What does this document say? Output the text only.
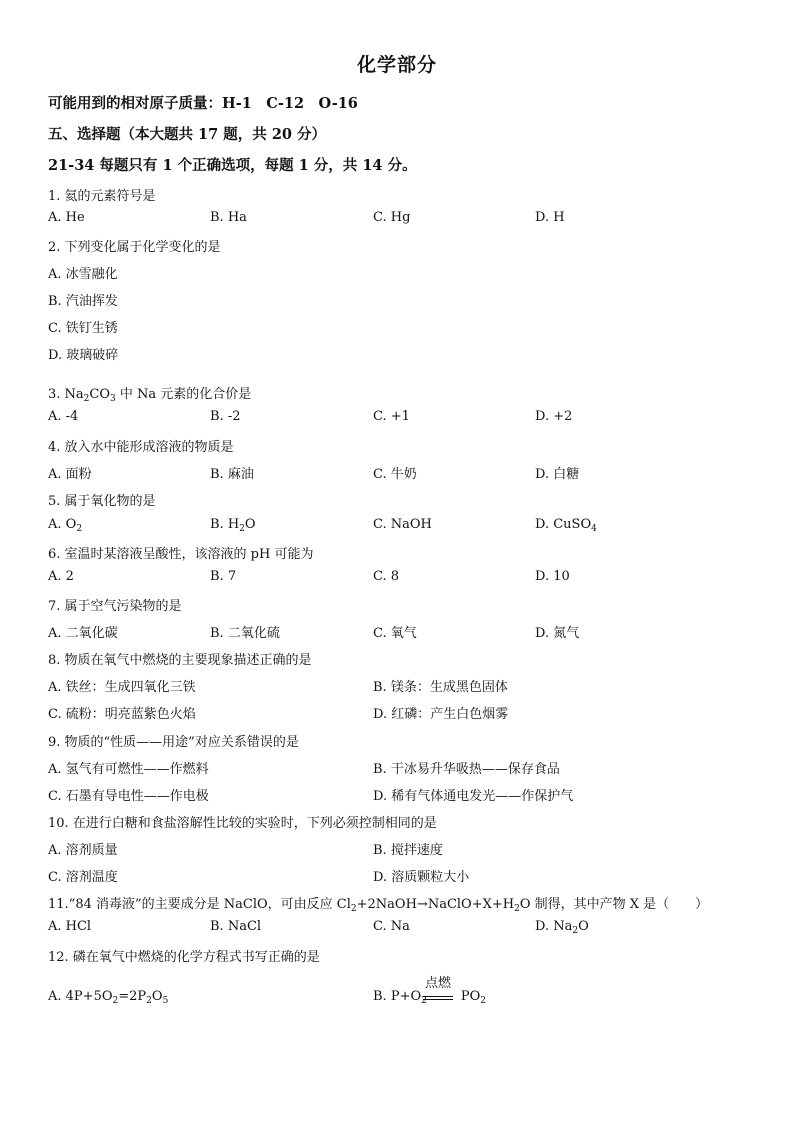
化学部分
可能用到的相对原子质量：H-1　C-12　O-16
五、选择题（本大题共 17 题，共 20 分）
21-34 每题只有 1 个正确选项，每题 1 分，共 14 分。
1. 氦的元素符号是
A. He	B. Ha	C. Hg	D. H
2. 下列变化属于化学变化的是
A. 冰雪融化
B. 汽油挥发
C. 铁钉生锈
D. 玻璃破碎
3. $Na_2CO_3$ 中 Na 元素的化合价是
A. -4	B. -2	C. +1	D. +2
4. 放入水中能形成溶液的物质是
A. 面粉	B. 麻油	C. 牛奶	D. 白糖
5. 属于氧化物的是
A. $O_2$	B. $H_2O$	C. NaOH	D. CuSO$_4$
6. 室温时某溶液呈酸性，该溶液的 pH 可能为
A. 2	B. 7	C. 8	D. 10
7. 属于空气污染物的是
A. 二氧化碳	B. 二氧化硫	C. 氧气	D. 氮气
8. 物质在氧气中燃烧的主要现象描述正确的是
A. 铁丝：生成四氧化三铁	B. 镁条：生成黑色固体
C. 硫粉：明亮蓝紫色火焰	D. 红磷：产生白色烟雾
9. 物质的“性质——用途”对应关系错误的是
A. 氢气有可燃性——作燃料	B. 干冰易升华吸热——保存食品
C. 石墨有导电性——作电极	D. 稀有气体通电发光——作保护气
10. 在进行白糖和食盐溶解性比较的实验时，下列必须控制相同的是
A. 溶剂质量	B. 搅拌速度
C. 溶剂温度	D. 溶质颗粒大小
11.“84 消毒液”的主要成分是 NaClO，可由反应 $Cl_2+2NaOH\to NaClO+X+H_2O$ 制得，其中产物 X 是（　　）
A. HCl	B. NaCl	C. Na	D. $Na_2O$
12. 磷在氧气中燃烧的化学方程式书写正确的是
A. $4P+5O_2=2P_2O_5$	B. $P+O_2$	$PO_2$
点燃
